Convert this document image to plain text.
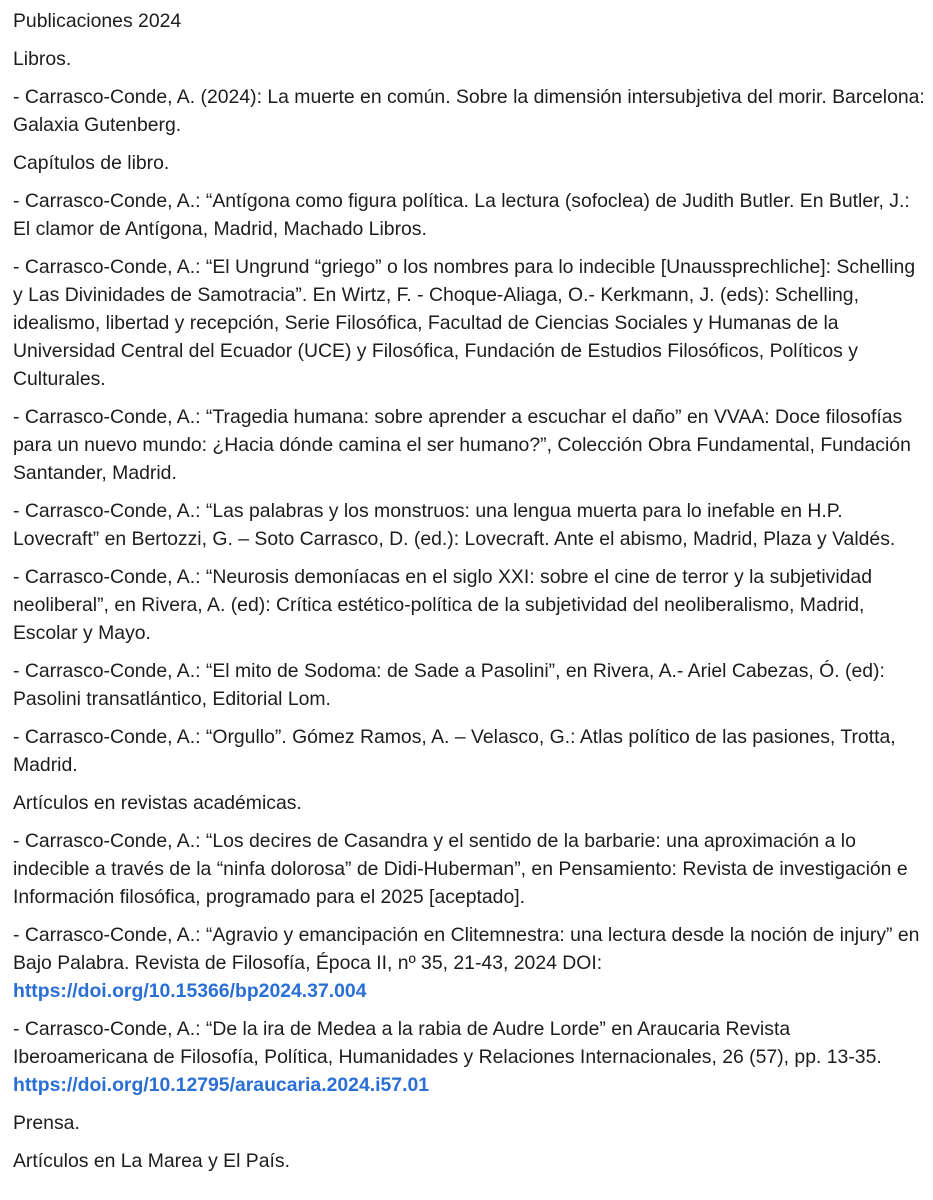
Publicaciones 2024

Libros.

- Carrasco-Conde, A. (2024): La muerte en común. Sobre la dimensión intersubjetiva del morir. Barcelona: Galaxia Gutenberg.

Capítulos de libro.

- Carrasco-Conde, A.: “Antígona como figura política. La lectura (sofoclea) de Judith Butler. En Butler, J.: El clamor de Antígona, Madrid, Machado Libros.

- Carrasco-Conde, A.: “El Ungrund “griego” o los nombres para lo indecible [Unaussprechliche]: Schelling y Las Divinidades de Samotracia”. En Wirtz, F. - Choque-Aliaga, O.- Kerkmann, J. (eds): Schelling, idealismo, libertad y recepción, Serie Filosófica, Facultad de Ciencias Sociales y Humanas de la Universidad Central del Ecuador (UCE) y Filosófica, Fundación de Estudios Filosóficos, Políticos y Culturales.

- Carrasco-Conde, A.: “Tragedia humana: sobre aprender a escuchar el daño” en VVAA: Doce filosofías para un nuevo mundo: ¿Hacia dónde camina el ser humano?”, Colección Obra Fundamental, Fundación Santander, Madrid.

- Carrasco-Conde, A.: “Las palabras y los monstruos: una lengua muerta para lo inefable en H.P. Lovecraft” en Bertozzi, G. – Soto Carrasco, D. (ed.): Lovecraft. Ante el abismo, Madrid, Plaza y Valdés.

- Carrasco-Conde, A.: “Neurosis demoníacas en el siglo XXI: sobre el cine de terror y la subjetividad neoliberal”, en Rivera, A. (ed): Crítica estético-política de la subjetividad del neoliberalismo, Madrid, Escolar y Mayo.

- Carrasco-Conde, A.: “El mito de Sodoma: de Sade a Pasolini”, en Rivera, A.- Ariel Cabezas, Ó. (ed): Pasolini transatlántico, Editorial Lom.

- Carrasco-Conde, A.: “Orgullo”. Gómez Ramos, A. – Velasco, G.: Atlas político de las pasiones, Trotta, Madrid.

Artículos en revistas académicas.

- Carrasco-Conde, A.: “Los decires de Casandra y el sentido de la barbarie: una aproximación a lo indecible a través de la “ninfa dolorosa” de Didi-Huberman”, en Pensamiento: Revista de investigación e Información filosófica, programado para el 2025 [aceptado].

- Carrasco-Conde, A.: “Agravio y emancipación en Clitemnestra: una lectura desde la noción de injury” en Bajo Palabra. Revista de Filosofía, Época II, nº 35, 21-43, 2024 DOI: https://doi.org/10.15366/bp2024.37.004

- Carrasco-Conde, A.: “De la ira de Medea a la rabia de Audre Lorde” en Araucaria Revista Iberoamericana de Filosofía, Política, Humanidades y Relaciones Internacionales, 26 (57), pp. 13-35. https://doi.org/10.12795/araucaria.2024.i57.01

Prensa.

Artículos en La Marea y El País.
